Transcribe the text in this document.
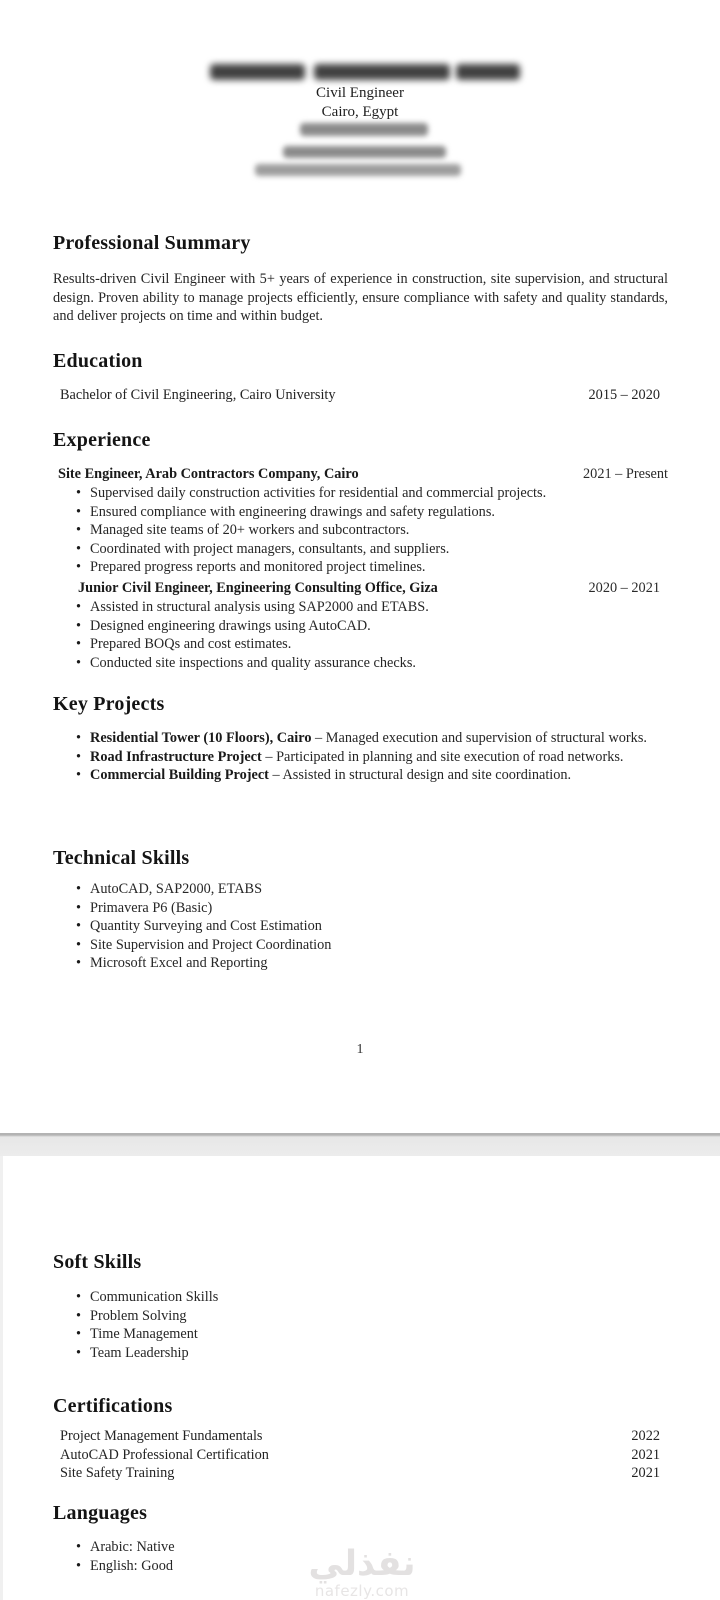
Civil Engineer
Cairo, Egypt
Professional Summary
Results-driven Civil Engineer with 5+ years of experience in construction, site supervision, and structural design. Proven ability to manage projects efficiently, ensure compliance with safety and quality standards, and deliver projects on time and within budget.
Education
Bachelor of Civil Engineering, Cairo University	2015 – 2020
Experience
Site Engineer, Arab Contractors Company, Cairo	2021 – Present
• Supervised daily construction activities for residential and commercial projects.
• Ensured compliance with engineering drawings and safety regulations.
• Managed site teams of 20+ workers and subcontractors.
• Coordinated with project managers, consultants, and suppliers.
• Prepared progress reports and monitored project timelines.
Junior Civil Engineer, Engineering Consulting Office, Giza	2020 – 2021
• Assisted in structural analysis using SAP2000 and ETABS.
• Designed engineering drawings using AutoCAD.
• Prepared BOQs and cost estimates.
• Conducted site inspections and quality assurance checks.
Key Projects
• Residential Tower (10 Floors), Cairo – Managed execution and supervision of structural works.
• Road Infrastructure Project – Participated in planning and site execution of road networks.
• Commercial Building Project – Assisted in structural design and site coordination.
Technical Skills
• AutoCAD, SAP2000, ETABS
• Primavera P6 (Basic)
• Quantity Surveying and Cost Estimation
• Site Supervision and Project Coordination
• Microsoft Excel and Reporting
1
Soft Skills
• Communication Skills
• Problem Solving
• Time Management
• Team Leadership
Certifications
Project Management Fundamentals	2022
AutoCAD Professional Certification	2021
Site Safety Training	2021
Languages
• Arabic: Native
• English: Good	نفذلي
nafezly.com
